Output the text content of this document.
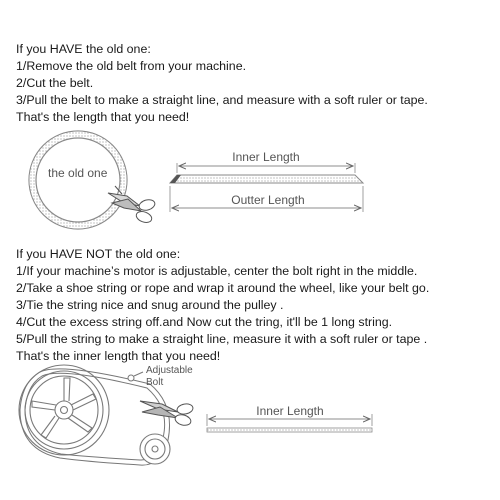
If you HAVE the old one:
1/Remove the old belt from your machine.
2/Cut the belt.
3/Pull the belt to make a straight line, and measure with a soft ruler or tape.
That's the length that you need!
the old one
Inner Length
Outter Length
If you HAVE NOT the old one:
1/If your machine’s motor is adjustable, center the bolt right in the middle.
2/Take a shoe string or rope and wrap it around the wheel, like your belt go.
3/Tie the string nice and snug around the pulley .
4/Cut the excess string off.and Now cut the tring, it'll be 1 long string.
5/Pull the string to make a straight line, measure it with a soft ruler or tape .
That's the inner length that you need!
Adjustable
Bolt
Inner Length
